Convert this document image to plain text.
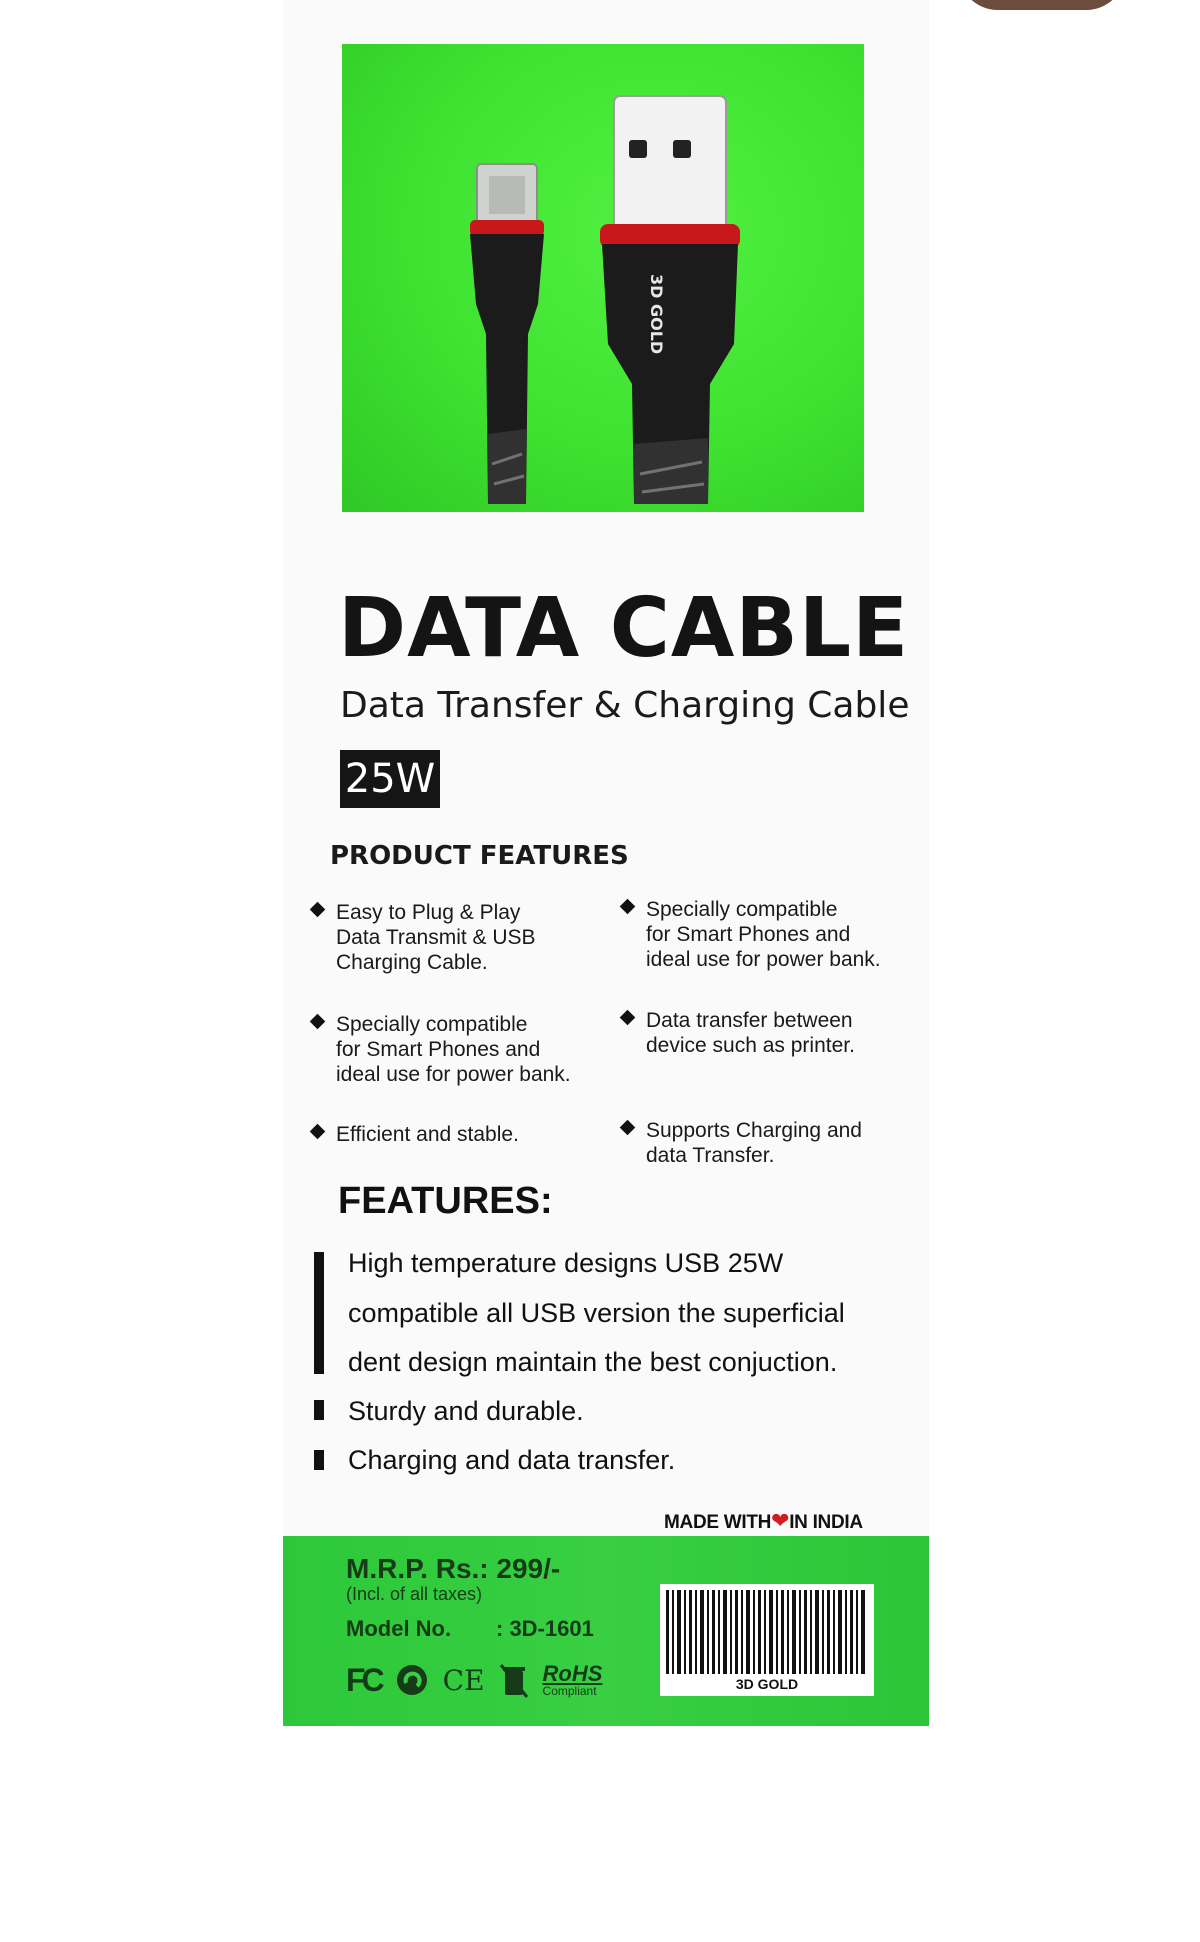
3D GOLD
DATA CABLE
Data Transfer & Charging Cable
25W
PRODUCT FEATURES
Easy to Plug & Play
Data Transmit & USB
Charging Cable.
Specially compatible
for Smart Phones and
ideal use for power bank.
Specially compatible
for Smart Phones and
ideal use for power bank.
Data transfer between
device such as printer.
Efficient and stable.	Supports Charging and
data Transfer.
FEATURES:
High temperature designs USB 25W
compatible all USB version the superficial
dent design maintain the best conjuction.
Sturdy and durable.
Charging and data transfer.
MADE WITH❤IN INDIA
M.R.P. Rs.: 299/-
(Incl. of all taxes)
Model No. : 3D-1601
FC CE	RoHS
Compliant	3D GOLD
